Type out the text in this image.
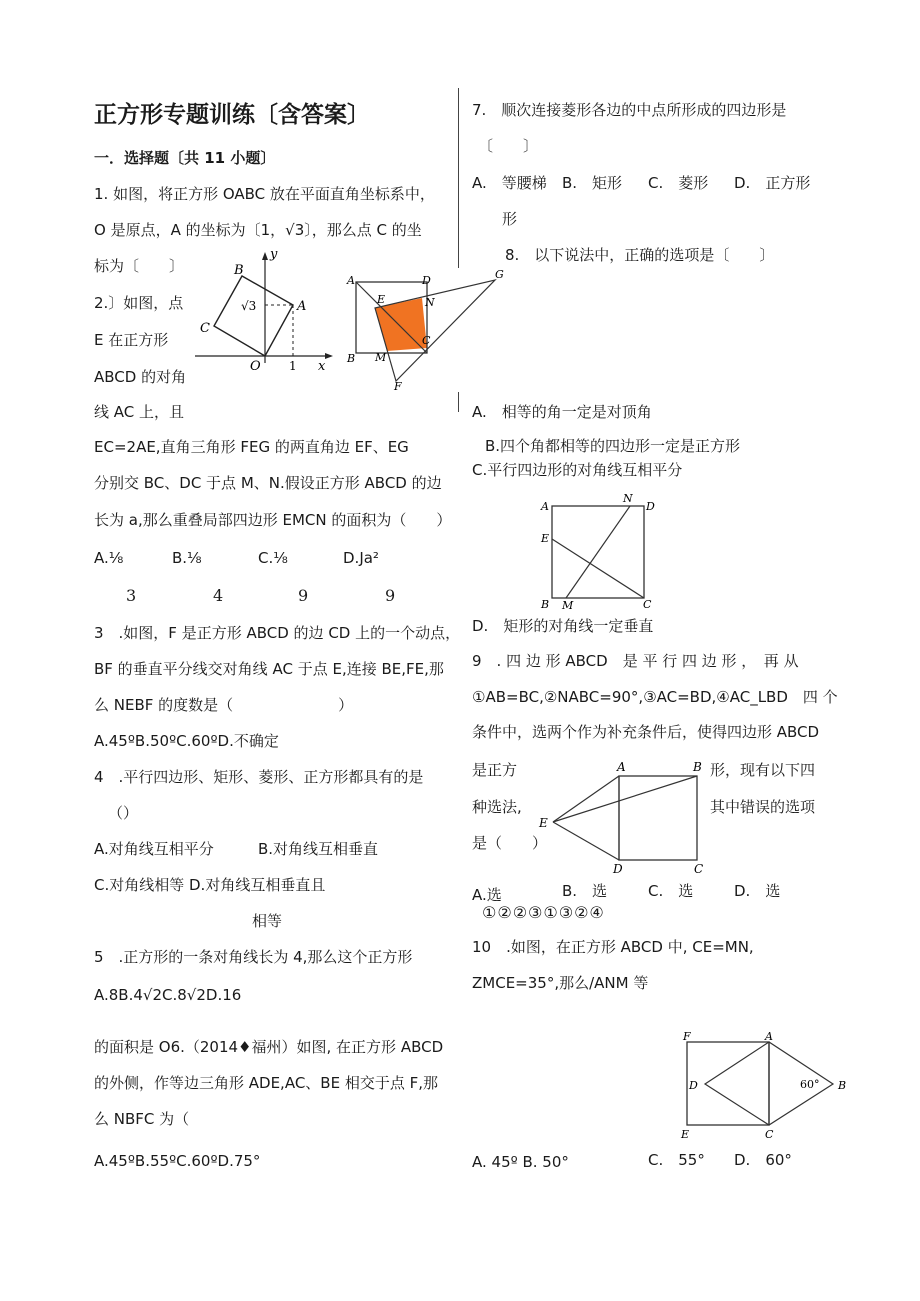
正方形专题训练〔含答案〕
一．选择题〔共 11 小题〕
1. 如图，将正方形 OABC 放在平面直角坐标系中，
O 是原点，A 的坐标为〔1，√3〕，那么点 C 的坐
标为〔　　〕
2.〕如图，点
E 在正方形
ABCD 的对角
线 AC 上，且
B
A
C
O	x
y
1
√3
A	D
B
C
E	N
M
F
G
EC=2AE,直角三角形 FEG 的两直角边 EF、EG
分别交 BC、DC 于点 M、N.假设正方形 ABCD 的边
长为 a,那么重叠局部四边形 EMCN 的面积为（　　）
A.⅛	B.⅛	C.⅛	D.Ja²
3	4	9	9
3　.如图，F 是正方形 ABCD 的边 CD 上的一个动点，
BF 的垂直平分线交对角线 AC 于点 E,连接 BE,FE,那
么 NEBF 的度数是（　　　　　　　）
A.45ºB.50ºC.60ºD.不确定
4　.平行四边形、矩形、菱形、正方形都具有的是
（）
A.对角线互相平分	B.对角线互相垂直
C.对角线相等 D.对角线互相垂直且
相等
5　.正方形的一条对角线长为 4,那么这个正方形
A.8B.4√2C.8√2D.16
的面积是 O6.（2014♦福州）如图, 在正方形 ABCD
的外侧，作等边三角形 ADE,AC、BE 相交于点 F,那
么 NBFC 为（
A.45ºB.55ºC.60ºD.75°
7.　顺次连接菱形各边的中点所形成的四边形是
〔　　〕
A.　等腰梯 B.　矩形 C.　菱形 D.　正方形
形
8.　以下说法中，正确的选项是〔　　〕
A.　相等的角一定是对顶角
B.四个角都相等的四边形一定是正方形
C.平行四边形的对角线互相平分
A
N
D
E
B M	C
D.　矩形的对角线一定垂直
9　. 四 边 形 ABCD　是 平 行 四 边 形 ，　再 从
①AB=BC,②NABC=90°,③AC=BD,④AC_LBD　四 个
条件中，选两个作为补充条件后，使得四边形 ABCD
是正方	形，现有以下四
种选法,	其中错误的选项
是（　　）
A	B
E
D	C
A.选	B.　选	C.　选	D.　选
①②②③①③②④
10　.如图，在正方形 ABCD 中, CE=MN,
ZMCE=35°,那么/ANM 等
F	A
D	B
E	C
60°
A. 45º B. 50°	C.　55° D.　60°
